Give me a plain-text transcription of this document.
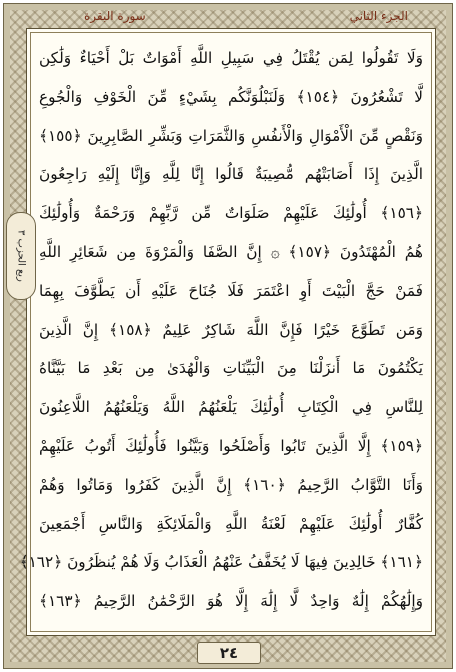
الجزء الثاني
سورة البقرة
وَلَا تَقُولُوا لِمَن يُقْتَلُ فِي سَبِيلِ اللَّهِ أَمْوَاتٌ بَلْ أَحْيَاءٌ وَلَٰكِن
لَّا تَشْعُرُونَ ﴿١٥٤﴾ وَلَنَبْلُوَنَّكُم بِشَيْءٍ مِّنَ الْخَوْفِ وَالْجُوعِ
وَنَقْصٍ مِّنَ الْأَمْوَالِ وَالْأَنفُسِ وَالثَّمَرَاتِ وَبَشِّرِ الصَّابِرِينَ ﴿١٥٥﴾
الَّذِينَ إِذَا أَصَابَتْهُم مُّصِيبَةٌ قَالُوا إِنَّا لِلَّهِ وَإِنَّا إِلَيْهِ رَاجِعُونَ
﴿١٥٦﴾ أُولَٰئِكَ عَلَيْهِمْ صَلَوَاتٌ مِّن رَّبِّهِمْ وَرَحْمَةٌ وَأُولَٰئِكَ
هُمُ الْمُهْتَدُونَ ﴿١٥٧﴾ ۞ إِنَّ الصَّفَا وَالْمَرْوَةَ مِن شَعَائِرِ اللَّهِ
فَمَنْ حَجَّ الْبَيْتَ أَوِ اعْتَمَرَ فَلَا جُنَاحَ عَلَيْهِ أَن يَطَّوَّفَ بِهِمَا
وَمَن تَطَوَّعَ خَيْرًا فَإِنَّ اللَّهَ شَاكِرٌ عَلِيمٌ ﴿١٥٨﴾ إِنَّ الَّذِينَ
يَكْتُمُونَ مَا أَنزَلْنَا مِنَ الْبَيِّنَاتِ وَالْهُدَىٰ مِن بَعْدِ مَا بَيَّنَّاهُ
لِلنَّاسِ فِي الْكِتَابِ أُولَٰئِكَ يَلْعَنُهُمُ اللَّهُ وَيَلْعَنُهُمُ اللَّاعِنُونَ
﴿١٥٩﴾ إِلَّا الَّذِينَ تَابُوا وَأَصْلَحُوا وَبَيَّنُوا فَأُولَٰئِكَ أَتُوبُ عَلَيْهِمْ
وَأَنَا التَّوَّابُ الرَّحِيمُ ﴿١٦٠﴾ إِنَّ الَّذِينَ كَفَرُوا وَمَاتُوا وَهُمْ
كُفَّارٌ أُولَٰئِكَ عَلَيْهِمْ لَعْنَةُ اللَّهِ وَالْمَلَائِكَةِ وَالنَّاسِ أَجْمَعِينَ
﴿١٦١﴾ خَالِدِينَ فِيهَا لَا يُخَفَّفُ عَنْهُمُ الْعَذَابُ وَلَا هُمْ يُنظَرُونَ ﴿١٦٢﴾
وَإِلَٰهُكُمْ إِلَٰهٌ وَاحِدٌ لَّا إِلَٰهَ إِلَّا هُوَ الرَّحْمَٰنُ الرَّحِيمُ ﴿١٦٣﴾
ربع الحزب ٣
٢٤
